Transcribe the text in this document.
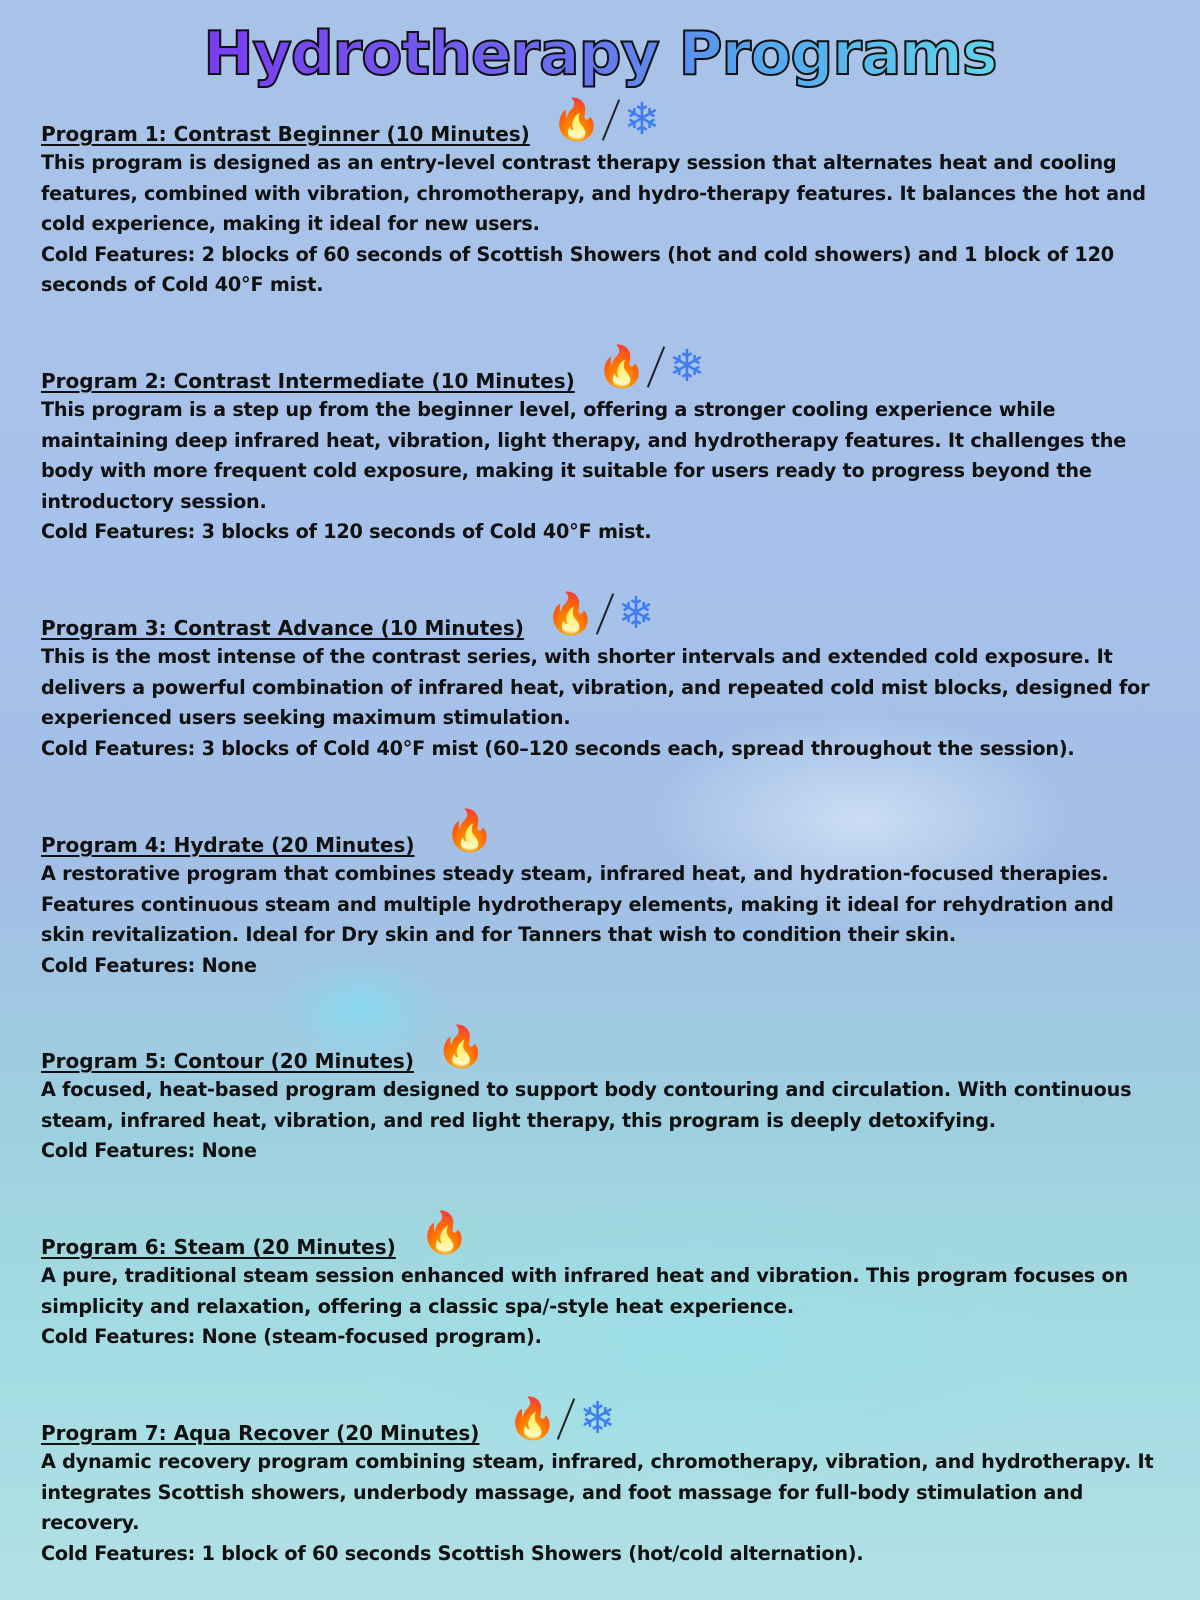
Hydrotherapy Programs
Program 1: Contrast Beginner (10 Minutes) 🔥 ❄

This program is designed as an entry-level contrast therapy session that alternates heat and cooling features, combined with vibration, chromotherapy, and hydro-therapy features. It balances the hot and cold experience, making it ideal for new users.

Cold Features: 2 blocks of 60 seconds of Scottish Showers (hot and cold showers) and 1 block of 120 seconds of Cold 40°F mist.

Program 2: Contrast Intermediate (10 Minutes) 🔥 ❄

This program is a step up from the beginner level, offering a stronger cooling experience while maintaining deep infrared heat, vibration, light therapy, and hydrotherapy features. It challenges the body with more frequent cold exposure, making it suitable for users ready to progress beyond the introductory session.

Cold Features: 3 blocks of 120 seconds of Cold 40°F mist.

Program 3: Contrast Advance (10 Minutes) 🔥 ❄

This is the most intense of the contrast series, with shorter intervals and extended cold exposure. It delivers a powerful combination of infrared heat, vibration, and repeated cold mist blocks, designed for experienced users seeking maximum stimulation.

Cold Features: 3 blocks of Cold 40°F mist (60–120 seconds each, spread throughout the session).

Program 4: Hydrate (20 Minutes) 🔥

A restorative program that combines steady steam, infrared heat, and hydration-focused therapies. Features continuous steam and multiple hydrotherapy elements, making it ideal for rehydration and skin revitalization. Ideal for Dry skin and for Tanners that wish to condition their skin.

Cold Features: None

Program 5: Contour (20 Minutes) 🔥

A focused, heat-based program designed to support body contouring and circulation. With continuous steam, infrared heat, vibration, and red light therapy, this program is deeply detoxifying.

Cold Features: None

Program 6: Steam (20 Minutes) 🔥

A pure, traditional steam session enhanced with infrared heat and vibration. This program focuses on simplicity and relaxation, offering a classic spa/-style heat experience.

Cold Features: None (steam-focused program).

Program 7: Aqua Recover (20 Minutes) 🔥 ❄

A dynamic recovery program combining steam, infrared, chromotherapy, vibration, and hydrotherapy. It integrates Scottish showers, underbody massage, and foot massage for full-body stimulation and recovery.

Cold Features: 1 block of 60 seconds Scottish Showers (hot/cold alternation).
